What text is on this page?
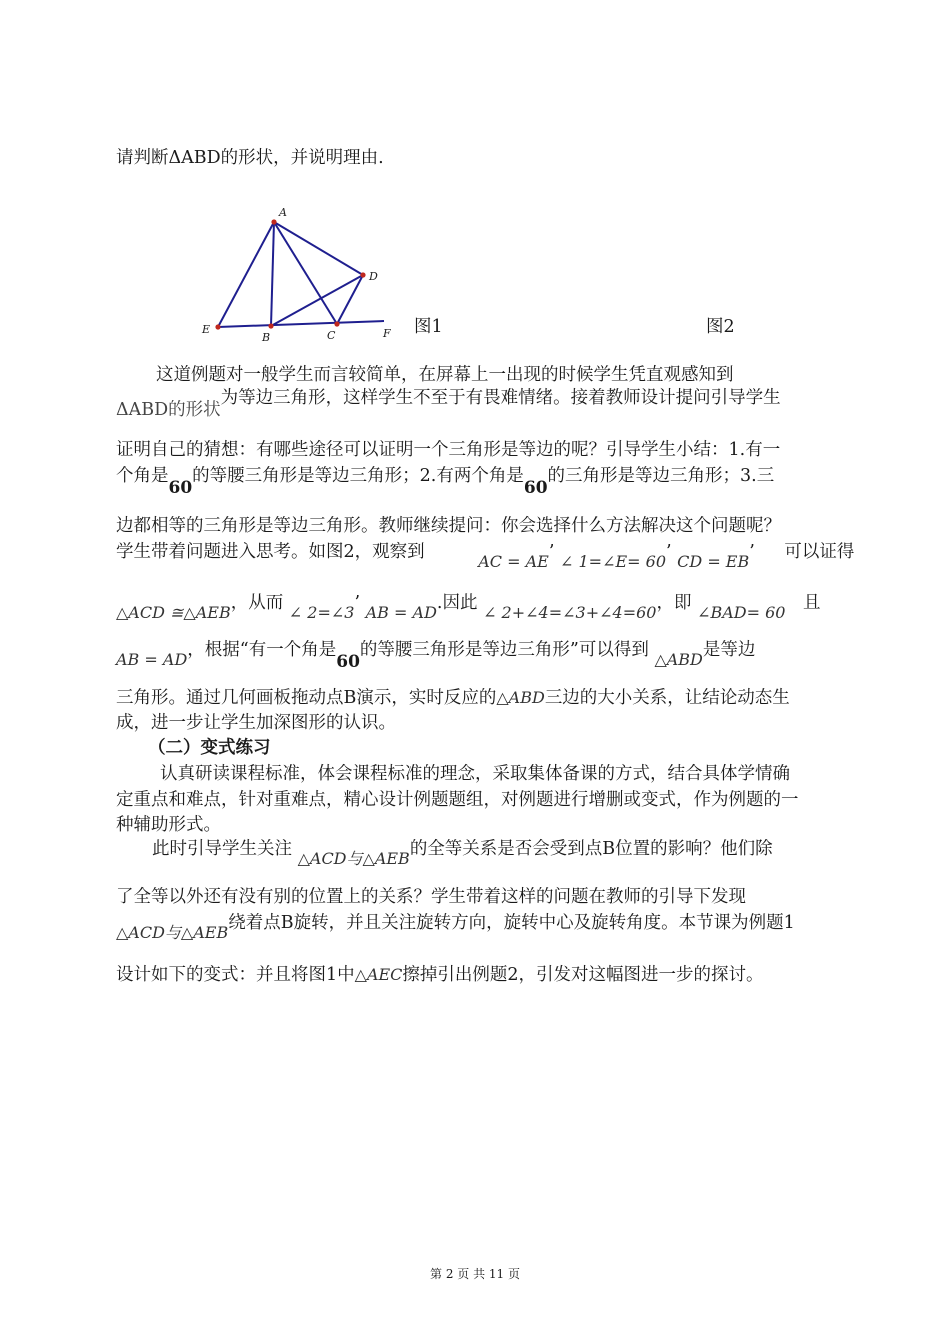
请判断ΔABD的形状，并说明理由.
A
D
E
B	C	F 图1	图2
这道例题对一般学生而言较简单，在屏幕上一出现的时候学生凭直观感知到
ΔABD的形状为等边三角形，这样学生不至于有畏难情绪。接着教师设计提问引导学生
证明自己的猜想：有哪些途径可以证明一个三角形是等边的呢？引导学生小结：1.有一
个角是60的等腰三角形是等边三角形；2.有两个角是60的三角形是等边三角形；3.三
边都相等的三角形是等边三角形。教师继续提问：你会选择什么方法解决这个问题呢？
学生带着问题进入思考。如图2，观察到	AC = AE’ ∠ 1=∠E= 60’ CD = EB’ 可以证得
△ACD ≅△AEB，从而 ∠ 2=∠3’ AB = AD.因此 ∠ 2+∠4=∠3+∠4=60，即 ∠BAD= 60 且
AB = AD，根据“有一个角是60的等腰三角形是等边三角形”可以得到 △ABD是等边
三角形。通过几何画板拖动点B演示，实时反应的△ABD三边的大小关系，让结论动态生
成，进一步让学生加深图形的认识。
（二）变式练习
认真研读课程标准，体会课程标准的理念，采取集体备课的方式，结合具体学情确
定重点和难点，针对重难点，精心设计例题题组，对例题进行增删或变式，作为例题的一
种辅助形式。
此时引导学生关注 △ACD与△AEB的全等关系是否会受到点B位置的影响？他们除
了全等以外还有没有别的位置上的关系？学生带着这样的问题在教师的引导下发现
△ACD与△AEB绕着点B旋转，并且关注旋转方向，旋转中心及旋转角度。本节课为例题1
设计如下的变式：并且将图1中△AEC擦掉引出例题2，引发对这幅图进一步的探讨。
第 2 页 共 11 页
